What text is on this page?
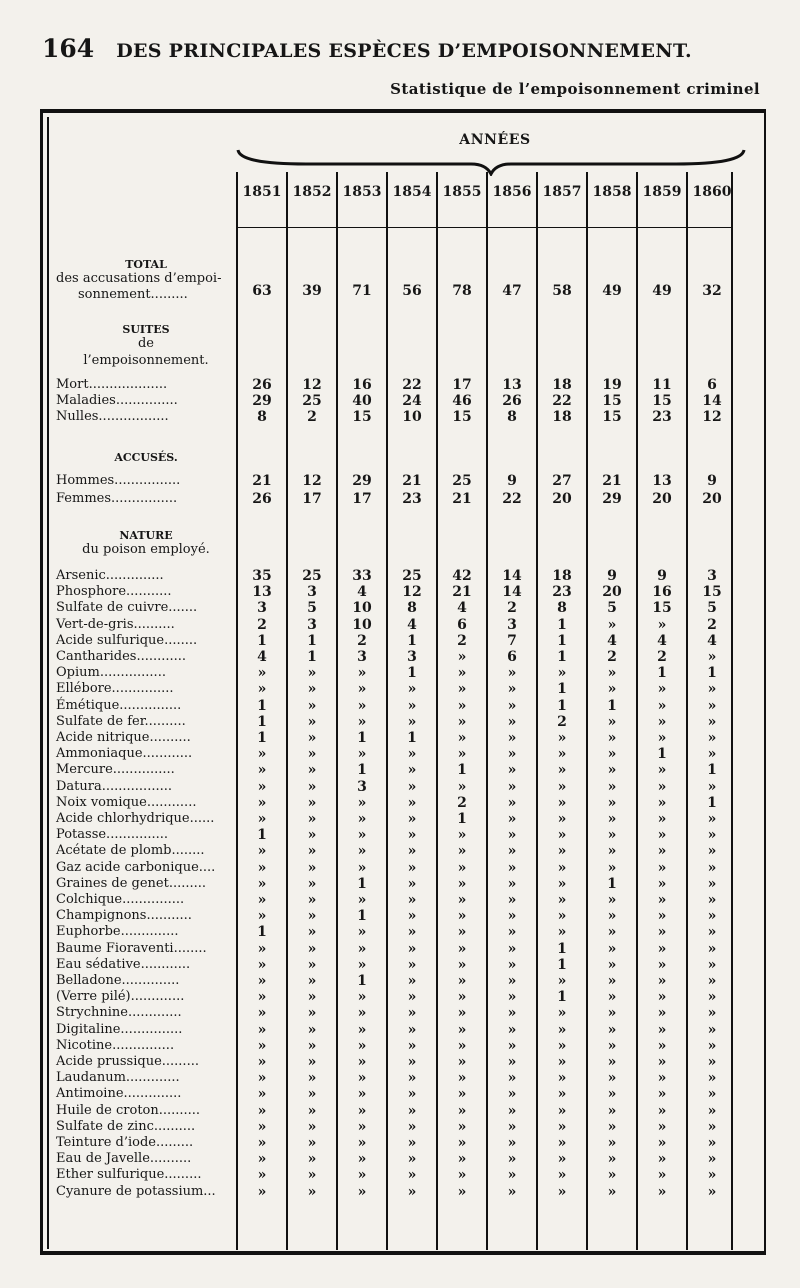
164 DES PRINCIPALES ESPÈCES D’EMPOISONNEMENT.
Statistique de l’empoisonnement criminel
ANNÉES
TOTAL
des accusations d’empoi-
sonnement.........
SUITES
de
l’empoisonnement.
ACCUSÉS.
NATURE
du poison employé.
1851 1852 1853 1854 1855 1856 1857 1858 1859 1860
63	39	71	56	78	47	58	49	49	32
Mort...................	26	12	16	22	17	13	18	19	11	6
Maladies...............	29	25	40	24	46	26	22	15	15	14
Nulles.................	8	2	15	10	15	8	18	15	23	12
Hommes................	21	12	29	21	25	9	27	21	13	9
Femmes................	26	17	17	23	21	22	20	29	20	20
Arsenic..............	35	25	33	25	42	14	18	9	9	3
Phosphore...........	13	3	4	12	21	14	23	20	16	15
Sulfate de cuivre.......	3	5	10	8	4	2	8	5	15	5
Vert-de-gris..........	2	3	10	4	6	3	1	»	»	2
Acide sulfurique........	1	1	2	1	2	7	1	4	4	4
Cantharides............	4	1	3	3	»	6	1	2	2	»
Opium................	»	»	»	1	»	»	»	»	1	1
Ellébore...............	»	»	»	»	»	»	1	»	»	»
Émétique...............	1	»	»	»	»	»	1	1	»	»
Sulfate de fer..........	1	»	»	»	»	»	2	»	»	»
Acide nitrique..........	1	»	1	1	»	»	»	»	»	»
Ammoniaque............	»	»	»	»	»	»	»	»	1	»
Mercure...............	»	»	1	»	1	»	»	»	»	1
Datura.................	»	»	3	»	»	»	»	»	»	»
Noix vomique............	»	»	»	»	2	»	»	»	»	1
Acide chlorhydrique......	»	»	»	»	1	»	»	»	»	»
Potasse...............	1	»	»	»	»	»	»	»	»	»
Acétate de plomb........	»	»	»	»	»	»	»	»	»	»
Gaz acide carbonique....	»	»	»	»	»	»	»	»	»	»
Graines de genet.........	»	»	1	»	»	»	»	1	»	»
Colchique...............	»	»	»	»	»	»	»	»	»	»
Champignons...........	»	»	1	»	»	»	»	»	»	»
Euphorbe..............	1	»	»	»	»	»	»	»	»	»
Baume Fioraventi........	»	»	»	»	»	»	1	»	»	»
Eau sédative............	»	»	»	»	»	»	1	»	»	»
Belladone..............	»	»	1	»	»	»	»	»	»	»
(Verre pilé).............	»	»	»	»	»	»	1	»	»	»
Strychnine.............	»	»	»	»	»	»	»	»	»	»
Digitaline...............	»	»	»	»	»	»	»	»	»	»
Nicotine...............	»	»	»	»	»	»	»	»	»	»
Acide prussique.........	»	»	»	»	»	»	»	»	»	»
Laudanum.............	»	»	»	»	»	»	»	»	»	»
Antimoine..............	»	»	»	»	»	»	»	»	»	»
Huile de croton..........	»	»	»	»	»	»	»	»	»	»
Sulfate de zinc..........	»	»	»	»	»	»	»	»	»	»
Teinture d’iode.........	»	»	»	»	»	»	»	»	»	»
Eau de Javelle..........	»	»	»	»	»	»	»	»	»	»
Ether sulfurique.........	»	»	»	»	»	»	»	»	»	»
Cyanure de potassium...	»	»	»	»	»	»	»	»	»	»
